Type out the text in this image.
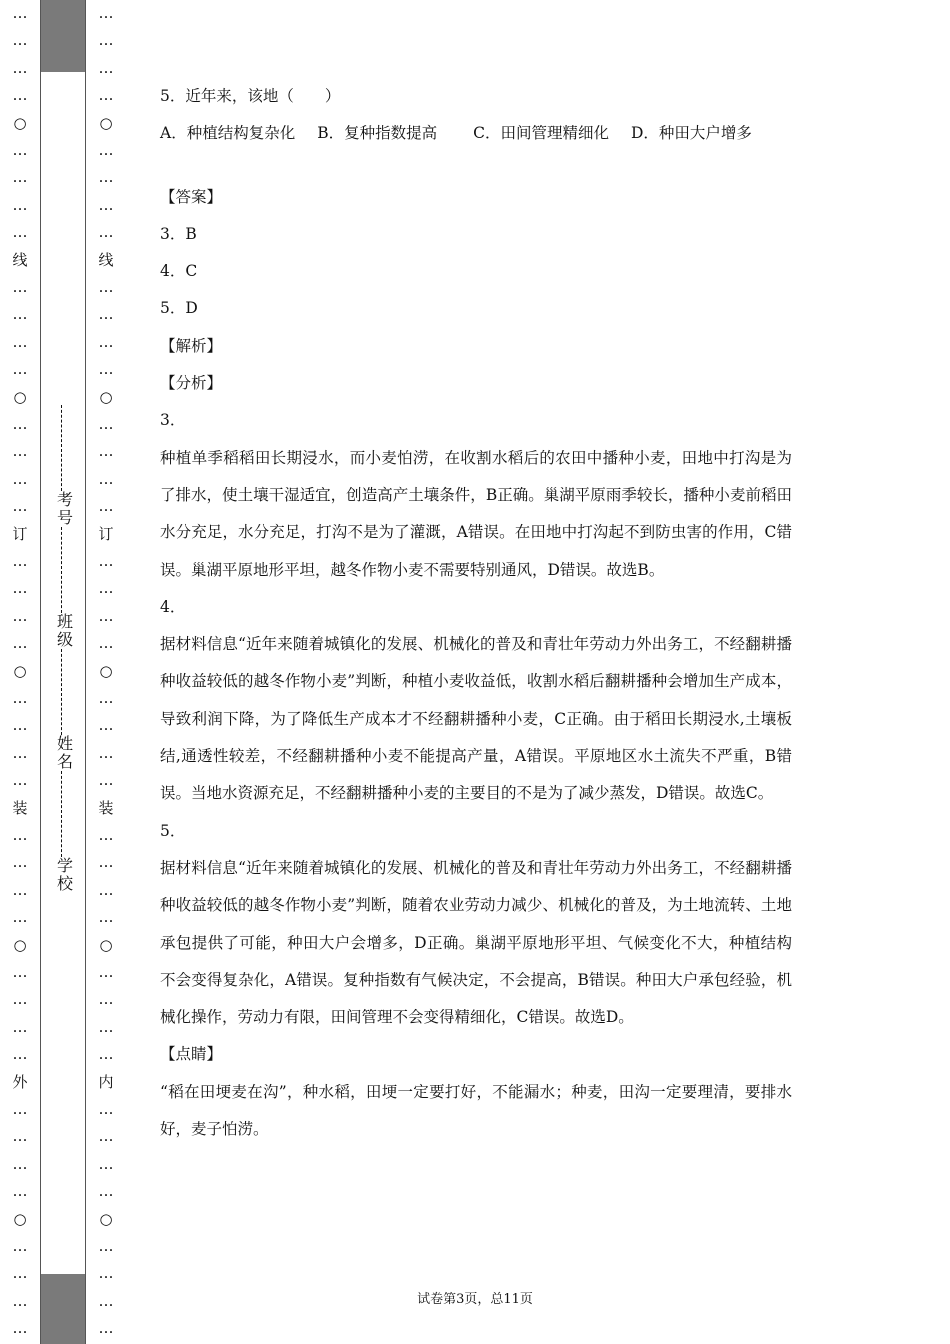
…
…
…
…
○
…
…
…
…
线
…
…
…
…
○
…
…
…
…
订
…
…
…
…
○
…
…
…
…
装
…
…
…
…
○
…
…
…
…
外
…
…
…
…
○
…
…
…
…
考号
班级
姓名
学校
…
…
…
…
○
…
…
…
…
线
…
…
…
…
○
…
…
…
…
订
…
…
…
…
○
…
…
…
…
装
…
…
…
…
○
…
…
…
…
内
…
…
…
…
○
…
…
…
…

5．近年来，该地（　　）

A．种植结构复杂化 B．复种指数提高 C．田间管理精细化 D．种田大户增多

【答案】

3．B

4．C

5．D

【解析】

【分析】

3．

种植单季稻稻田长期浸水，而小麦怕涝，在收割水稻后的农田中播种小麦，田地中打沟是为了排水，使土壤干湿适宜，创造高产土壤条件，B正确。巢湖平原雨季较长，播种小麦前稻田水分充足，水分充足，打沟不是为了灌溉，A错误。在田地中打沟起不到防虫害的作用，C错误。巢湖平原地形平坦，越冬作物小麦不需要特别通风，D错误。故选B。

4．

据材料信息“近年来随着城镇化的发展、机械化的普及和青壮年劳动力外出务工，不经翻耕播种收益较低的越冬作物小麦”判断，种植小麦收益低，收割水稻后翻耕播种会增加生产成本，导致利润下降，为了降低生产成本才不经翻耕播种小麦，C正确。由于稻田长期浸水,土壤板结,通透性较差，不经翻耕播种小麦不能提高产量，A错误。平原地区水土流失不严重，B错误。当地水资源充足，不经翻耕播种小麦的主要目的不是为了减少蒸发，D错误。故选C。

5．

据材料信息“近年来随着城镇化的发展、机械化的普及和青壮年劳动力外出务工，不经翻耕播种收益较低的越冬作物小麦”判断，随着农业劳动力减少、机械化的普及，为土地流转、土地承包提供了可能，种田大户会增多，D正确。巢湖平原地形平坦、气候变化不大，种植结构不会变得复杂化，A错误。复种指数有气候决定，不会提高，B错误。种田大户承包经验，机械化操作，劳动力有限，田间管理不会变得精细化，C错误。故选D。

【点睛】

“稻在田埂麦在沟”，种水稻，田埂一定要打好，不能漏水；种麦，田沟一定要理清，要排水好，麦子怕涝。

试卷第3页，总11页
